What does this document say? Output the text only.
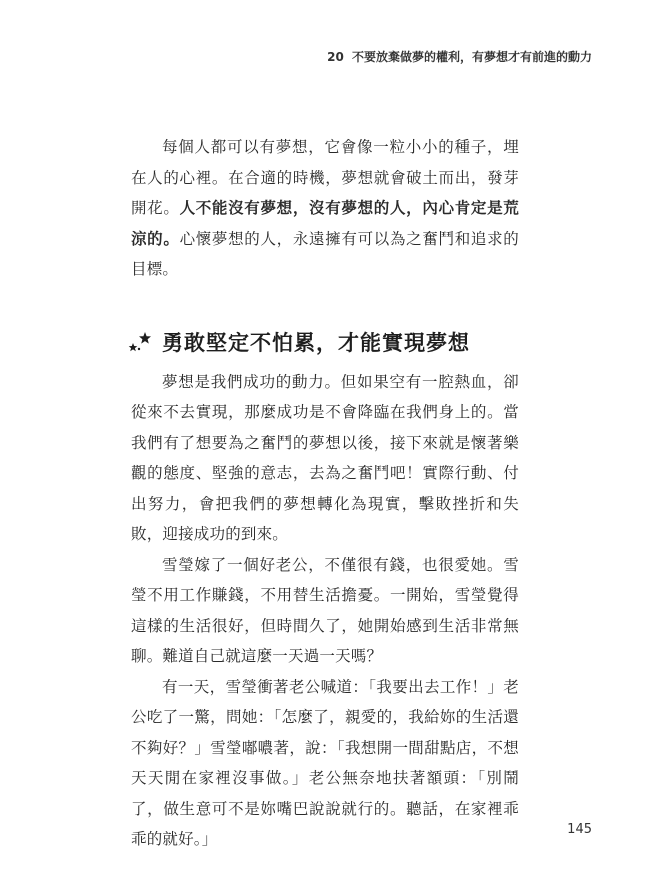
20 不要放棄做夢的權利，有夢想才有前進的動力

每個人都可以有夢想，它會像一粒小小的種子，埋在人的心裡。在合適的時機，夢想就會破土而出，發芽開花。人不能沒有夢想，沒有夢想的人，內心肯定是荒涼的。心懷夢想的人，永遠擁有可以為之奮鬥和追求的目標。

勇敢堅定不怕累，才能實現夢想

夢想是我們成功的動力。但如果空有一腔熱血，卻從來不去實現，那麼成功是不會降臨在我們身上的。當我們有了想要為之奮鬥的夢想以後，接下來就是懷著樂觀的態度、堅強的意志，去為之奮鬥吧！實際行動、付出努力，會把我們的夢想轉化為現實，擊敗挫折和失敗，迎接成功的到來。

雪瑩嫁了一個好老公，不僅很有錢，也很愛她。雪瑩不用工作賺錢，不用替生活擔憂。一開始，雪瑩覺得這樣的生活很好，但時間久了，她開始感到生活非常無聊。難道自己就這麼一天過一天嗎？

有一天，雪瑩衝著老公喊道：「我要出去工作！」老公吃了一驚，問她：「怎麼了，親愛的，我給妳的生活還不夠好？」雪瑩嘟噥著，說：「我想開一間甜點店，不想天天閒在家裡沒事做。」老公無奈地扶著額頭：「別鬧了，做生意可不是妳嘴巴說說就行的。聽話，在家裡乖乖的就好。」

145
